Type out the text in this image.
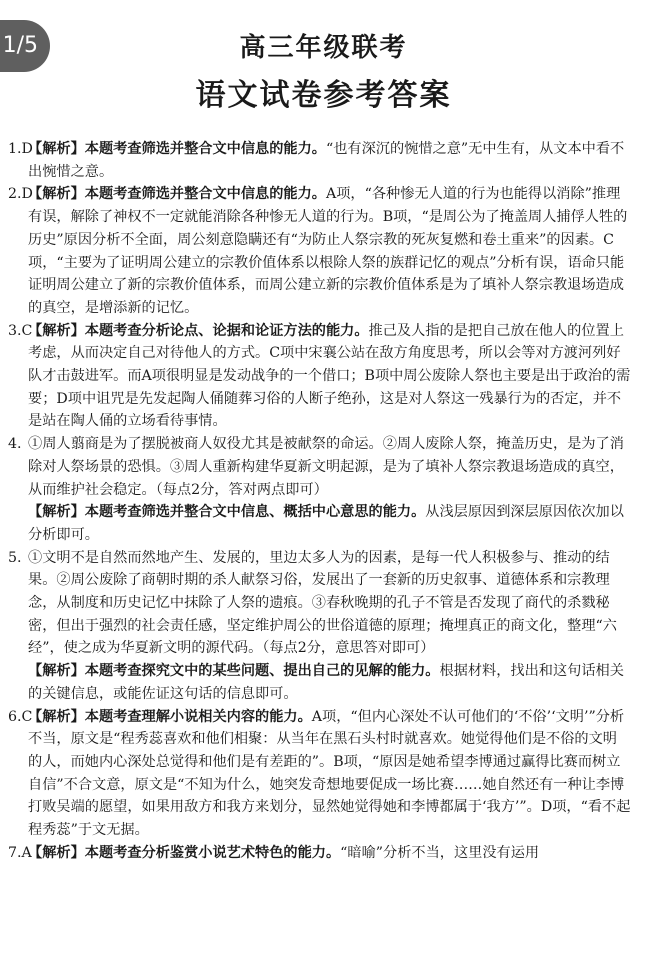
1/5	高三年级联考
语文试卷参考答案
1.D

【解析】本题考查筛选并整合文中信息的能力。“也有深沉的惋惜之意”无中生有，从文本中看不出惋惜之意。

2.D

【解析】本题考查筛选并整合文中信息的能力。A项，“各种惨无人道的行为也能得以消除”推理有误，解除了神权不一定就能消除各种惨无人道的行为。B项，“是周公为了掩盖周人捕俘人牲的历史”原因分析不全面，周公刻意隐瞒还有“为防止人祭宗教的死灰复燃和卷土重来”的因素。C项，“主要为了证明周公建立的宗教价值体系以根除人祭的族群记忆的观点”分析有误，语命只能证明周公建立了新的宗教价值体系，而周公建立新的宗教价值体系是为了填补人祭宗教退场造成的真空，是增添新的记忆。

3.C

【解析】本题考查分析论点、论据和论证方法的能力。推己及人指的是把自己放在他人的位置上考虑，从而决定自己对待他人的方式。C项中宋襄公站在敌方角度思考，所以会等对方渡河列好队才击鼓进军。而A项很明显是发动战争的一个借口；B项中周公废除人祭也主要是出于政治的需要；D项中诅咒是先发起陶人俑随葬习俗的人断子绝孙，这是对人祭这一残暴行为的否定，并不是站在陶人俑的立场看待事情。

4. ①周人翦商是为了摆脱被商人奴役尤其是被献祭的命运。②周人废除人祭，掩盖历史，是为了消除对人祭场景的恐惧。③周人重新构建华夏新文明起源，是为了填补人祭宗教退场造成的真空，从而维护社会稳定。（每点2分，答对两点即可）

【解析】本题考查筛选并整合文中信息、概括中心意思的能力。从浅层原因到深层原因依次加以分析即可。

5. ①文明不是自然而然地产生、发展的，里边太多人为的因素，是每一代人积极参与、推动的结果。②周公废除了商朝时期的杀人献祭习俗，发展出了一套新的历史叙事、道德体系和宗教理念，从制度和历史记忆中抹除了人祭的遗痕。③春秋晚期的孔子不管是否发现了商代的杀戮秘密，但出于强烈的社会责任感，坚定维护周公的世俗道德的原理；掩埋真正的商文化，整理“六经”，使之成为华夏新文明的源代码。（每点2分，意思答对即可）

【解析】本题考查探究文中的某些问题、提出自己的见解的能力。根据材料，找出和这句话相关的关键信息，或能佐证这句话的信息即可。

6.C

【解析】本题考查理解小说相关内容的能力。A项，“但内心深处不认可他们的‘不俗’‘文明’”分析不当，原文是“程秀蕊喜欢和他们相聚：从当年在黑石头村时就喜欢。她觉得他们是不俗的文明的人，而她内心深处总觉得和他们是有差距的”。B项，“原因是她希望李博通过赢得比赛而树立自信”不合文意，原文是“不知为什么，她突发奇想地要促成一场比赛……她自然还有一种让李博打败吴端的愿望，如果用敌方和我方来划分，显然她觉得她和李博都属于‘我方’”。D项，“看不起程秀蕊”于文无据。

7.A

【解析】本题考查分析鉴赏小说艺术特色的能力。“暗喻”分析不当，这里没有运用
